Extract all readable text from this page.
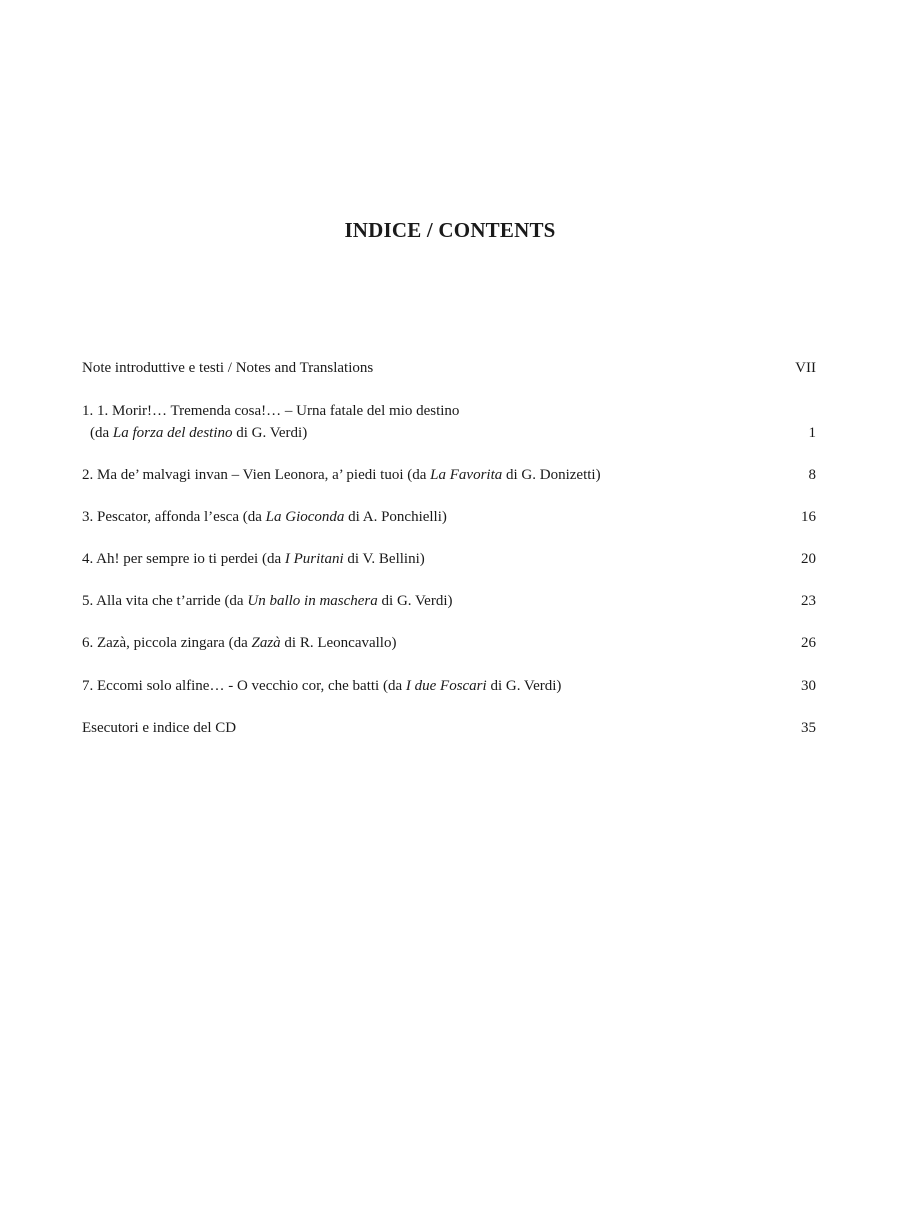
INDICE / CONTENTS
Note introduttive e testi / Notes and Translations	VII
1. 1. Morir!… Tremenda cosa!… – Urna fatale del mio destino
(da La forza del destino di G. Verdi)	1
2. Ma de’ malvagi invan – Vien Leonora, a’ piedi tuoi (da La Favorita di G. Donizetti)	8
3. Pescator, affonda l’esca (da La Gioconda di A. Ponchielli)	16
4. Ah! per sempre io ti perdei (da I Puritani di V. Bellini)	20
5. Alla vita che t’arride (da Un ballo in maschera di G. Verdi)	23
6. Zazà, piccola zingara (da Zazà di R. Leoncavallo)	26
7. Eccomi solo alfine… - O vecchio cor, che batti (da I due Foscari di G. Verdi)	30
Esecutori e indice del CD	35
